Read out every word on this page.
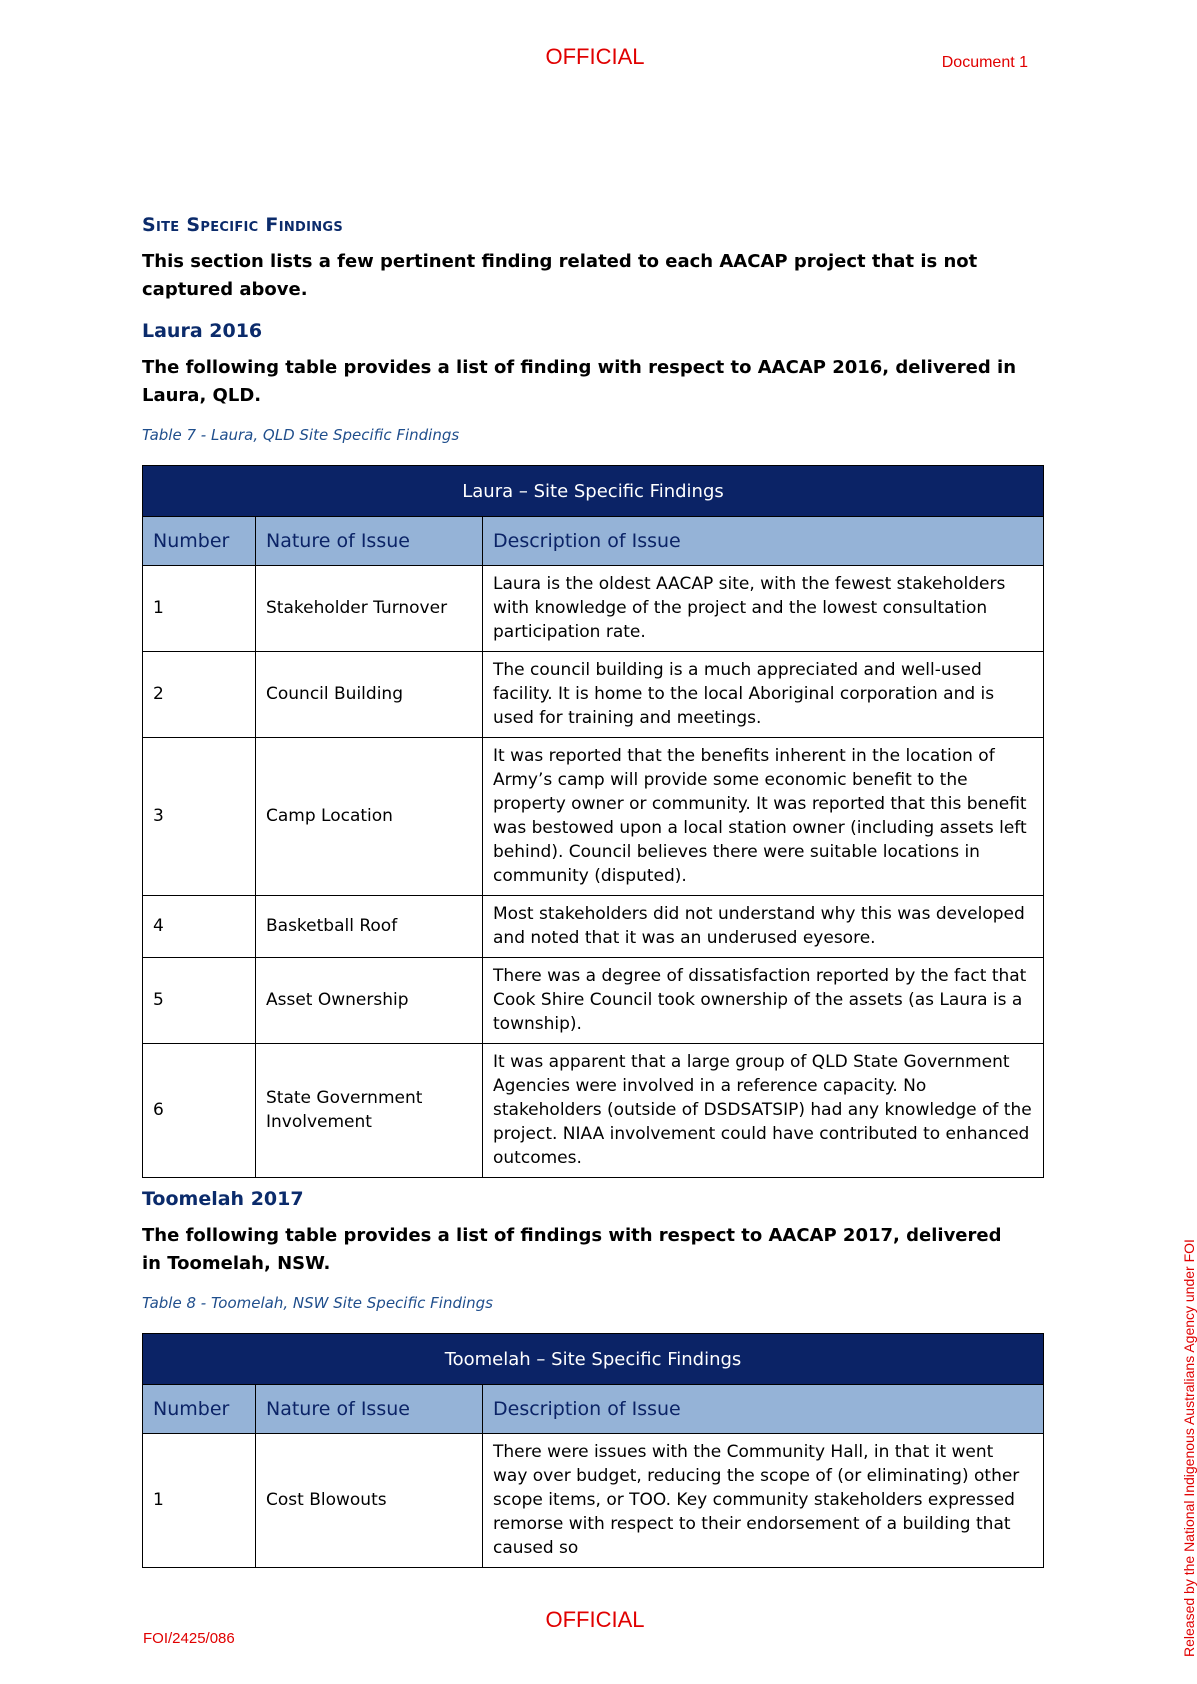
OFFICIAL	Document 1
Site Specific Findings

This section lists a few pertinent finding related to each AACAP project that is not captured above.

Laura 2016

The following table provides a list of finding with respect to AACAP 2016, delivered in Laura, QLD.

Table 7 - Laura, QLD Site Specific Findings
Laura – Site Specific Findings		
Number	Nature of Issue	Description of Issue
1	Stakeholder Turnover	Laura is the oldest AACAP site, with the fewest stakeholders with knowledge of the project and the lowest consultation participation rate.
2	Council Building	The council building is a much appreciated and well-used facility. It is home to the local Aboriginal corporation and is used for training and meetings.
3	Camp Location	It was reported that the benefits inherent in the location of Army’s camp will provide some economic benefit to the property owner or community. It was reported that this benefit was bestowed upon a local station owner (including assets left behind). Council believes there were suitable locations in community (disputed).
4	Basketball Roof	Most stakeholders did not understand why this was developed and noted that it was an underused eyesore.
5	Asset Ownership	There was a degree of dissatisfaction reported by the fact that Cook Shire Council took ownership of the assets (as Laura is a township).
6	State Government Involvement	It was apparent that a large group of QLD State Government Agencies were involved in a reference capacity. No stakeholders (outside of DSDSATSIP) had any knowledge of the project. NIAA involvement could have contributed to enhanced outcomes.
Toomelah 2017

The following table provides a list of findings with respect to AACAP 2017, delivered in Toomelah, NSW.

Table 8 - Toomelah, NSW Site Specific Findings
Toomelah – Site Specific Findings		
Number	Nature of Issue	Description of Issue
1	Cost Blowouts	There were issues with the Community Hall, in that it went way over budget, reducing the scope of (or eliminating) other scope items, or TOO. Key community stakeholders expressed remorse with respect to their endorsement of a building that caused so
OFFICIAL
FOI/2425/086	Released by the National Indigenous Australians Agency under FOI
